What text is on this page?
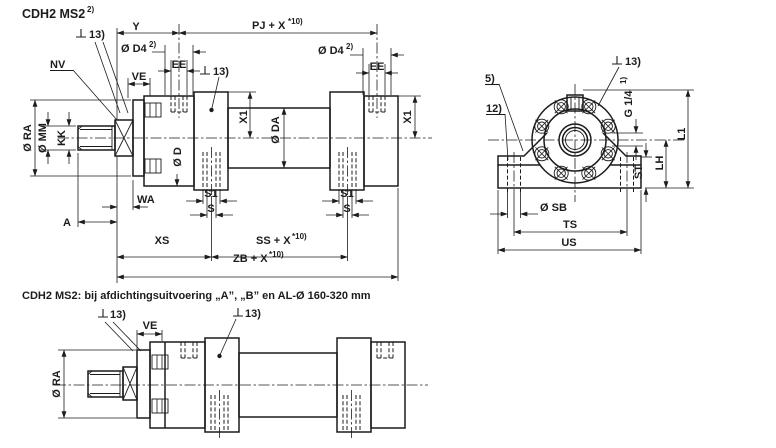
CDH2 MS2 2)
CDH2 MS2: bij afdichtingsuitvoering „A”, „B” en AL-Ø 160-320 mm
Y	PJ + X *10)
Ø D4 2)
EE
13)
NV
13)
Ø D4 2)
EE
VE
X1 Ø DA	X1
Ø D
Ø RA Ø MM KK
WA
A
S1
S
S1
S
XS	SS + X *10)
ZB + X *10)
5)
12)
13)
G 1/4
1)
L1
LH
ST
Ø SB
TS
US
13)
VE
13)
Ø RA
